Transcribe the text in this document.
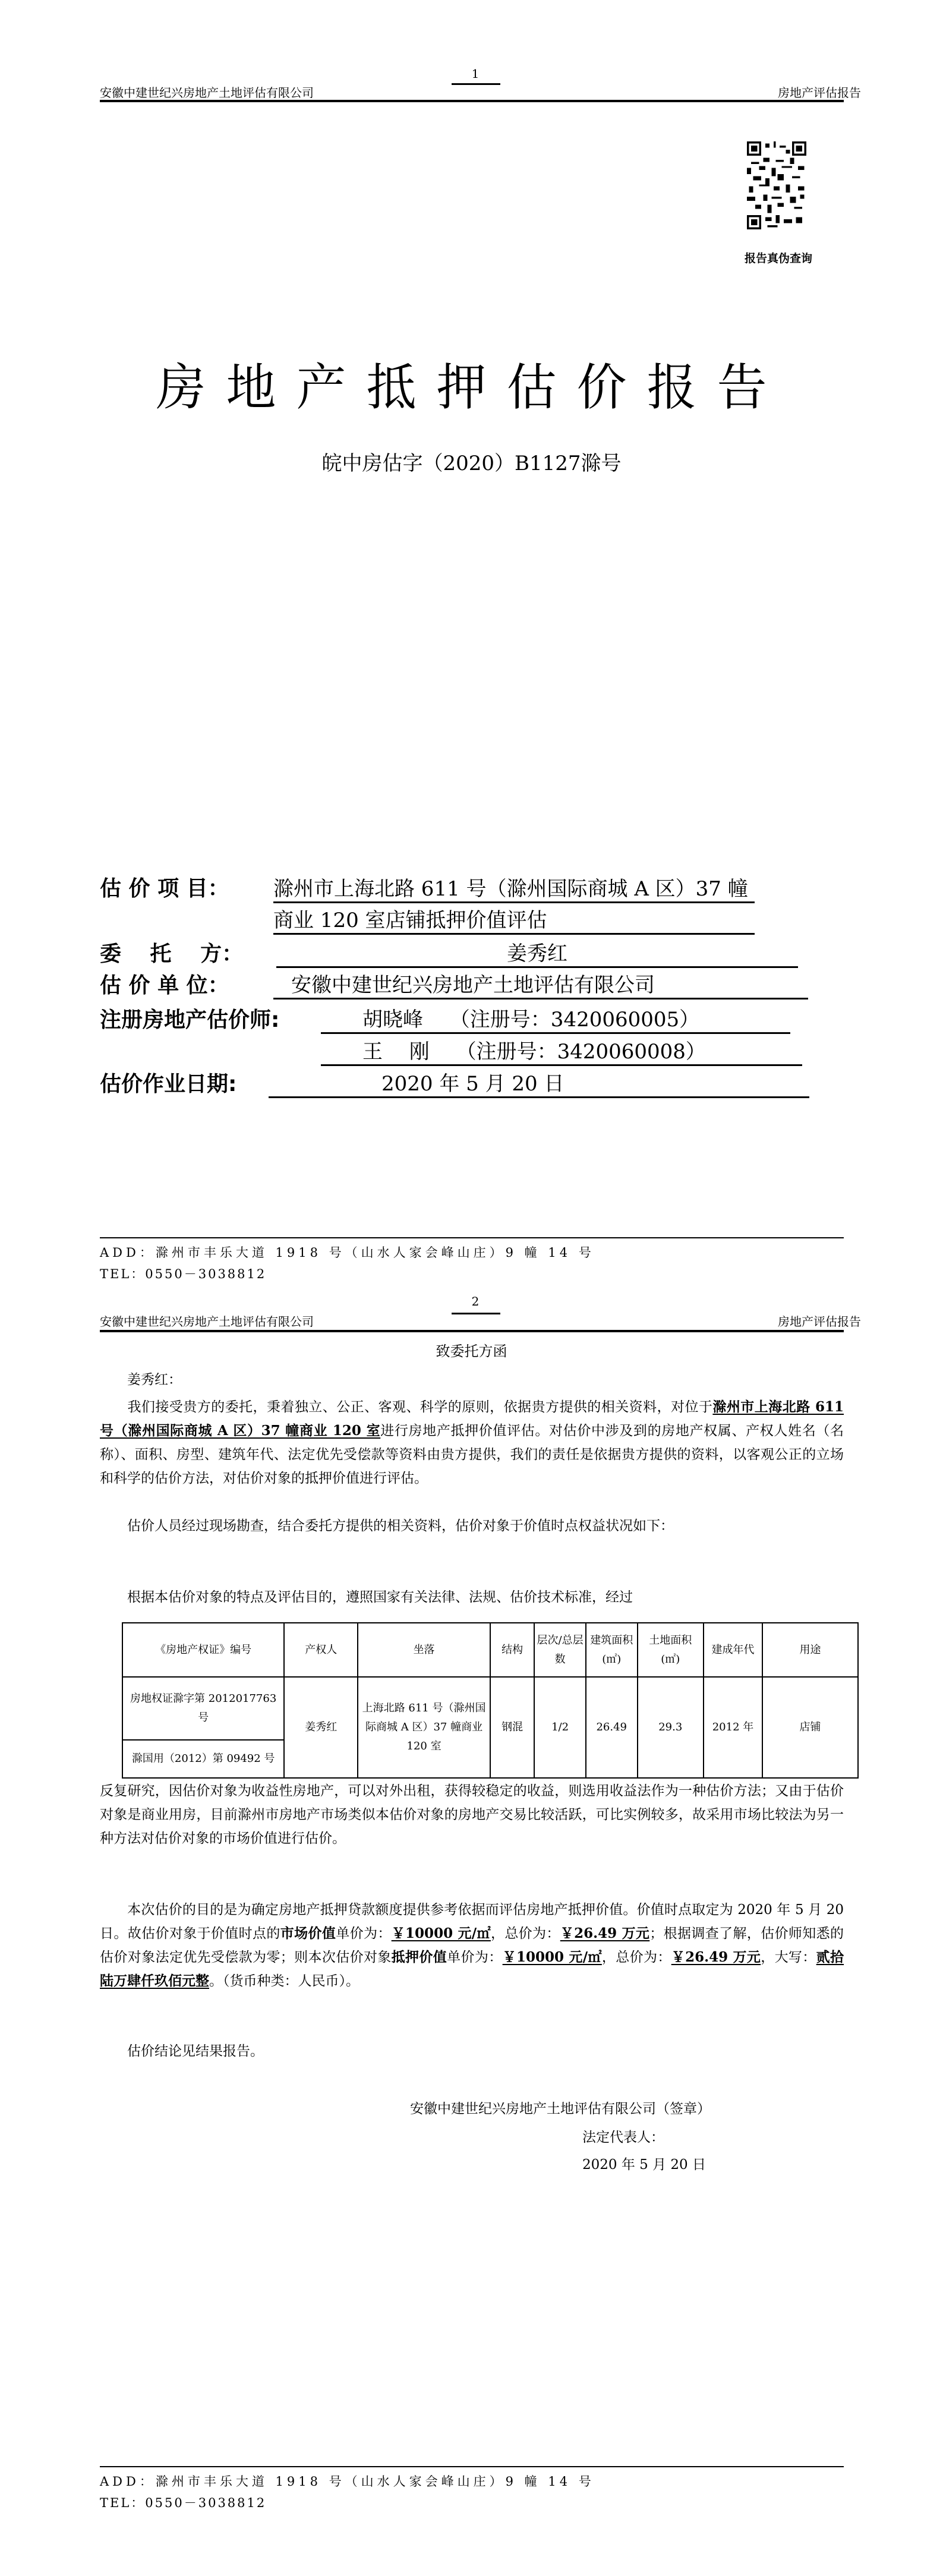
1
安徽中建世纪兴房地产土地评估有限公司	房地产评估报告
报告真伪查询
房地产抵押估价报告
皖中房估字（2020）B1127滁号
估 价 项 目： 滁州市上海北路 611 号（滁州国际商城 A 区）37 幢
商业 120 室店铺抵押价值评估
委　 托　 方：	姜秀红
估 价 单 位：	安徽中建世纪兴房地产土地评估有限公司
注册房地产估价师:	胡晓峰　 （注册号：3420060005）
王　 刚　 （注册号：3420060008）
估价作业日期:	2020 年 5 月 20 日
ADD：滁州市丰乐大道 1918 号（山水人家会峰山庄）9 幢 14 号
TEL：0550－3038812
2
安徽中建世纪兴房地产土地评估有限公司	房地产评估报告
致委托方函
姜秀红：
我们接受贵方的委托，秉着独立、公正、客观、科学的原则，依据贵方提供的相关资料，对位于滁州市上海北路 611 号（滁州国际商城 A 区）37 幢商业 120 室进行房地产抵押价值评估。对估价中涉及到的房地产权属、产权人姓名（名称）、面积、房型、建筑年代、法定优先受偿款等资料由贵方提供，我们的责任是依据贵方提供的资料，以客观公正的立场和科学的估价方法，对估价对象的抵押价值进行评估。
估价人员经过现场勘查，结合委托方提供的相关资料，估价对象于价值时点权益状况如下：
根据本估价对象的特点及评估目的，遵照国家有关法律、法规、估价技术标准，经过
《房地产权证》编号	产权人	坐落	结构	层次/总层数	建筑面积(㎡)	土地面积(㎡)	建成年代	用途
房地权证滁字第 2012017763 号	姜秀红	上海北路 611 号（滁州国际商城 A 区）37 幢商业 120 室	钢混	1/2	26.49	29.3	2012 年	店铺
滁国用（2012）第 09492 号								
反复研究，因估价对象为收益性房地产，可以对外出租，获得较稳定的收益，则选用收益法作为一种估价方法；又由于估价对象是商业用房，目前滁州市房地产市场类似本估价对象的房地产交易比较活跃，可比实例较多，故采用市场比较法为另一种方法对估价对象的市场价值进行估价。
本次估价的目的是为确定房地产抵押贷款额度提供参考依据而评估房地产抵押价值。价值时点取定为 2020 年 5 月 20 日。故估价对象于价值时点的市场价值单价为：￥10000 元/㎡，总价为：￥26.49 万元；根据调查了解，估价师知悉的估价对象法定优先受偿款为零；则本次估价对象抵押价值单价为：￥10000 元/㎡，总价为：￥26.49 万元，大写：贰拾陆万肆仟玖佰元整。（货币种类：人民币）。
估价结论见结果报告。
安徽中建世纪兴房地产土地评估有限公司（签章）
法定代表人：
2020 年 5 月 20 日
ADD：滁州市丰乐大道 1918 号（山水人家会峰山庄）9 幢 14 号
TEL：0550－3038812
